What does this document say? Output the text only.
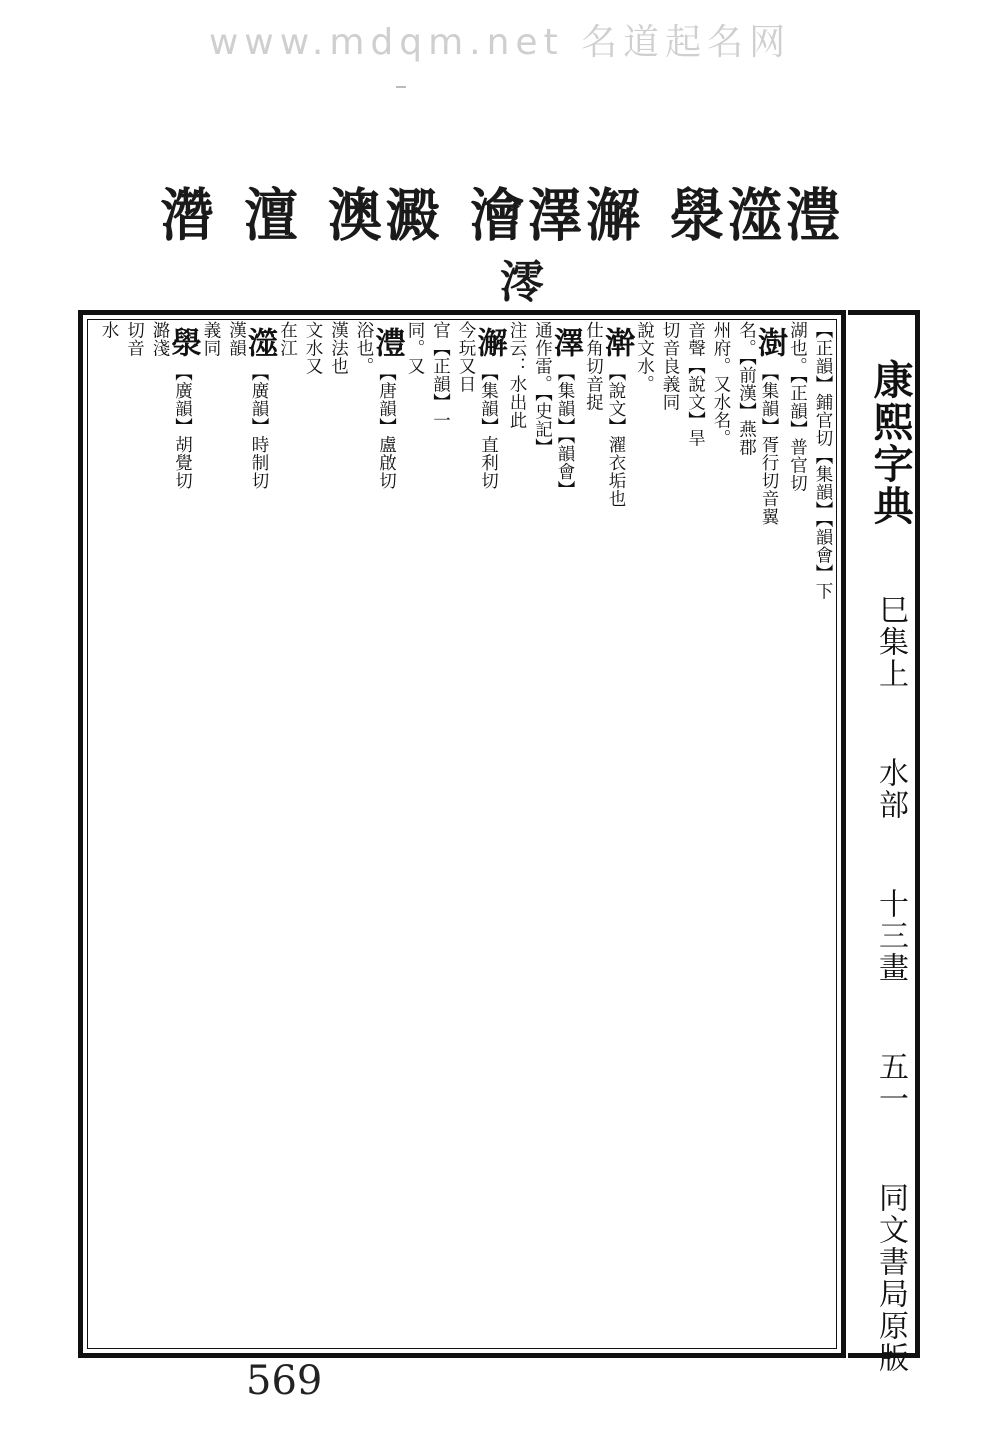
www.mdqm.net 名道起名网
濳 澶 澳 澱 澮 澤 澥 澩 澨 澧
澪
【正韻】鋪官切【集韻】【韻會】下
湖也。【正韻】普官切
澍【集韻】胥行切音翼
名。【前漢】燕郡
州府。又水名。
音聲【說文】旱
切音良義同
說文水。
澣【說文】濯衣垢也
仕角切音捉
澤【集韻】【韻會】
通作雷。【史記】
注云：水出此
澥【集韻】直利切
今玩又日
官【正韻】一
同。又
澧【唐韻】盧啟切
浴也。
漢法也
文水又
在江
澨【廣韻】時制切
漢韻
義同
澩【廣韻】胡覺切
潞淺
切音
水
康熙字典 巳集上 水部 十三畫 五一 同文書局原版
569
